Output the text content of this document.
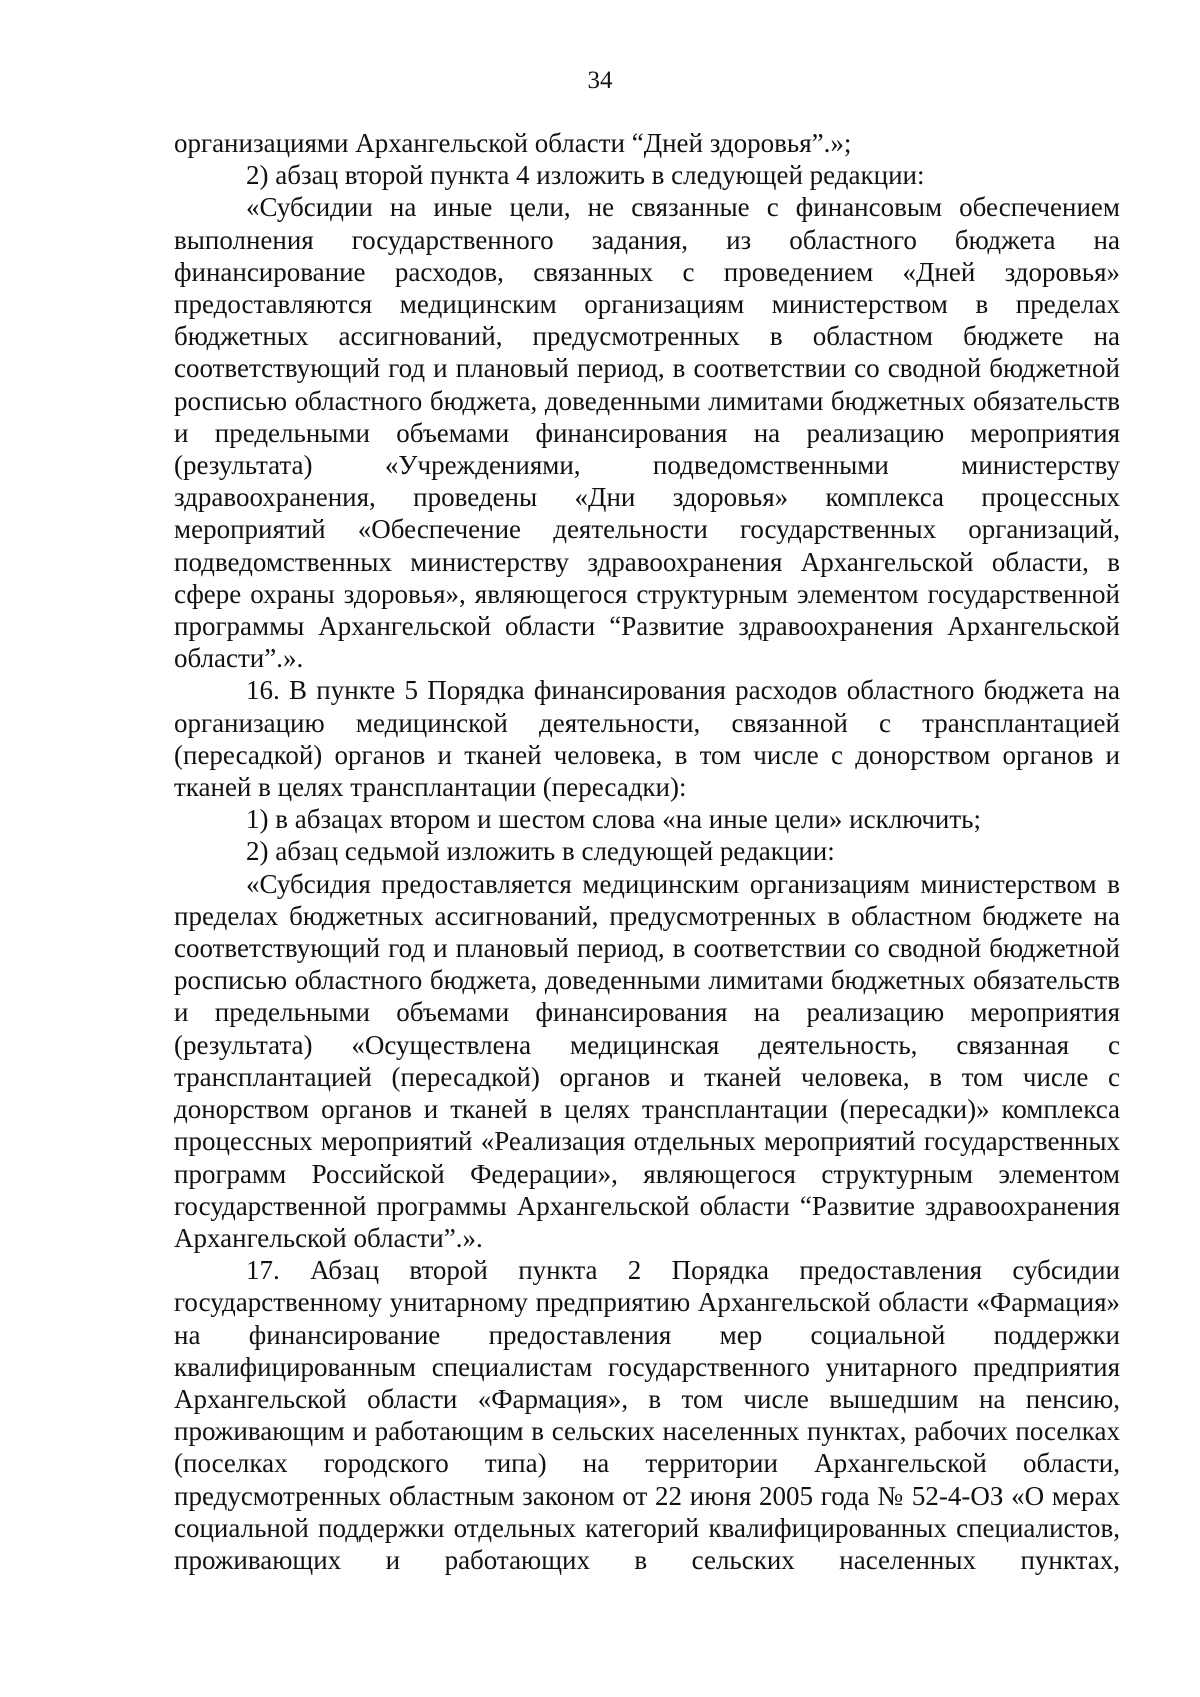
34

организациями Архангельской области “Дней здоровья”.»;

2) абзац второй пункта 4 изложить в следующей редакции:

«Субсидии на иные цели, не связанные с финансовым обеспечением выполнения государственного задания, из областного бюджета на финансирование расходов, связанных с проведением «Дней здоровья» предоставляются медицинским организациям министерством в пределах бюджетных ассигнований, предусмотренных в областном бюджете на соответствующий год и плановый период, в соответствии со сводной бюджетной росписью областного бюджета, доведенными лимитами бюджетных обязательств и предельными объемами финансирования на реализацию мероприятия (результата) «Учреждениями, подведомственными министерству здравоохранения, проведены «Дни здоровья» комплекса процессных мероприятий «Обеспечение деятельности государственных организаций, подведомственных министерству здравоохранения Архангельской области, в сфере охраны здоровья», являющегося структурным элементом государственной программы Архангельской области “Развитие здравоохранения Архангельской области”.».

16. В пункте 5 Порядка финансирования расходов областного бюджета на организацию медицинской деятельности, связанной с трансплантацией (пересадкой) органов и тканей человека, в том числе с донорством органов и тканей в целях трансплантации (пересадки):

1) в абзацах втором и шестом слова «на иные цели» исключить;

2) абзац седьмой изложить в следующей редакции:

«Субсидия предоставляется медицинским организациям министерством в пределах бюджетных ассигнований, предусмотренных в областном бюджете на соответствующий год и плановый период, в соответствии со сводной бюджетной росписью областного бюджета, доведенными лимитами бюджетных обязательств и предельными объемами финансирования на реализацию мероприятия (результата) «Осуществлена медицинская деятельность, связанная с трансплантацией (пересадкой) органов и тканей человека, в том числе с донорством органов и тканей в целях трансплантации (пересадки)» комплекса процессных мероприятий «Реализация отдельных мероприятий государственных программ Российской Федерации», являющегося структурным элементом государственной программы Архангельской области “Развитие здравоохранения Архангельской области”.».

17. Абзац второй пункта 2 Порядка предоставления субсидии государственному унитарному предприятию Архангельской области «Фармация» на финансирование предоставления мер социальной поддержки квалифицированным специалистам государственного унитарного предприятия Архангельской области «Фармация», в том числе вышедшим на пенсию, проживающим и работающим в сельских населенных пунктах, рабочих поселках (поселках городского типа) на территории Архангельской области, предусмотренных областным законом от 22 июня 2005 года № 52-4-ОЗ «О мерах социальной поддержки отдельных категорий квалифицированных специалистов, проживающих и работающих в сельских населенных пунктах,
